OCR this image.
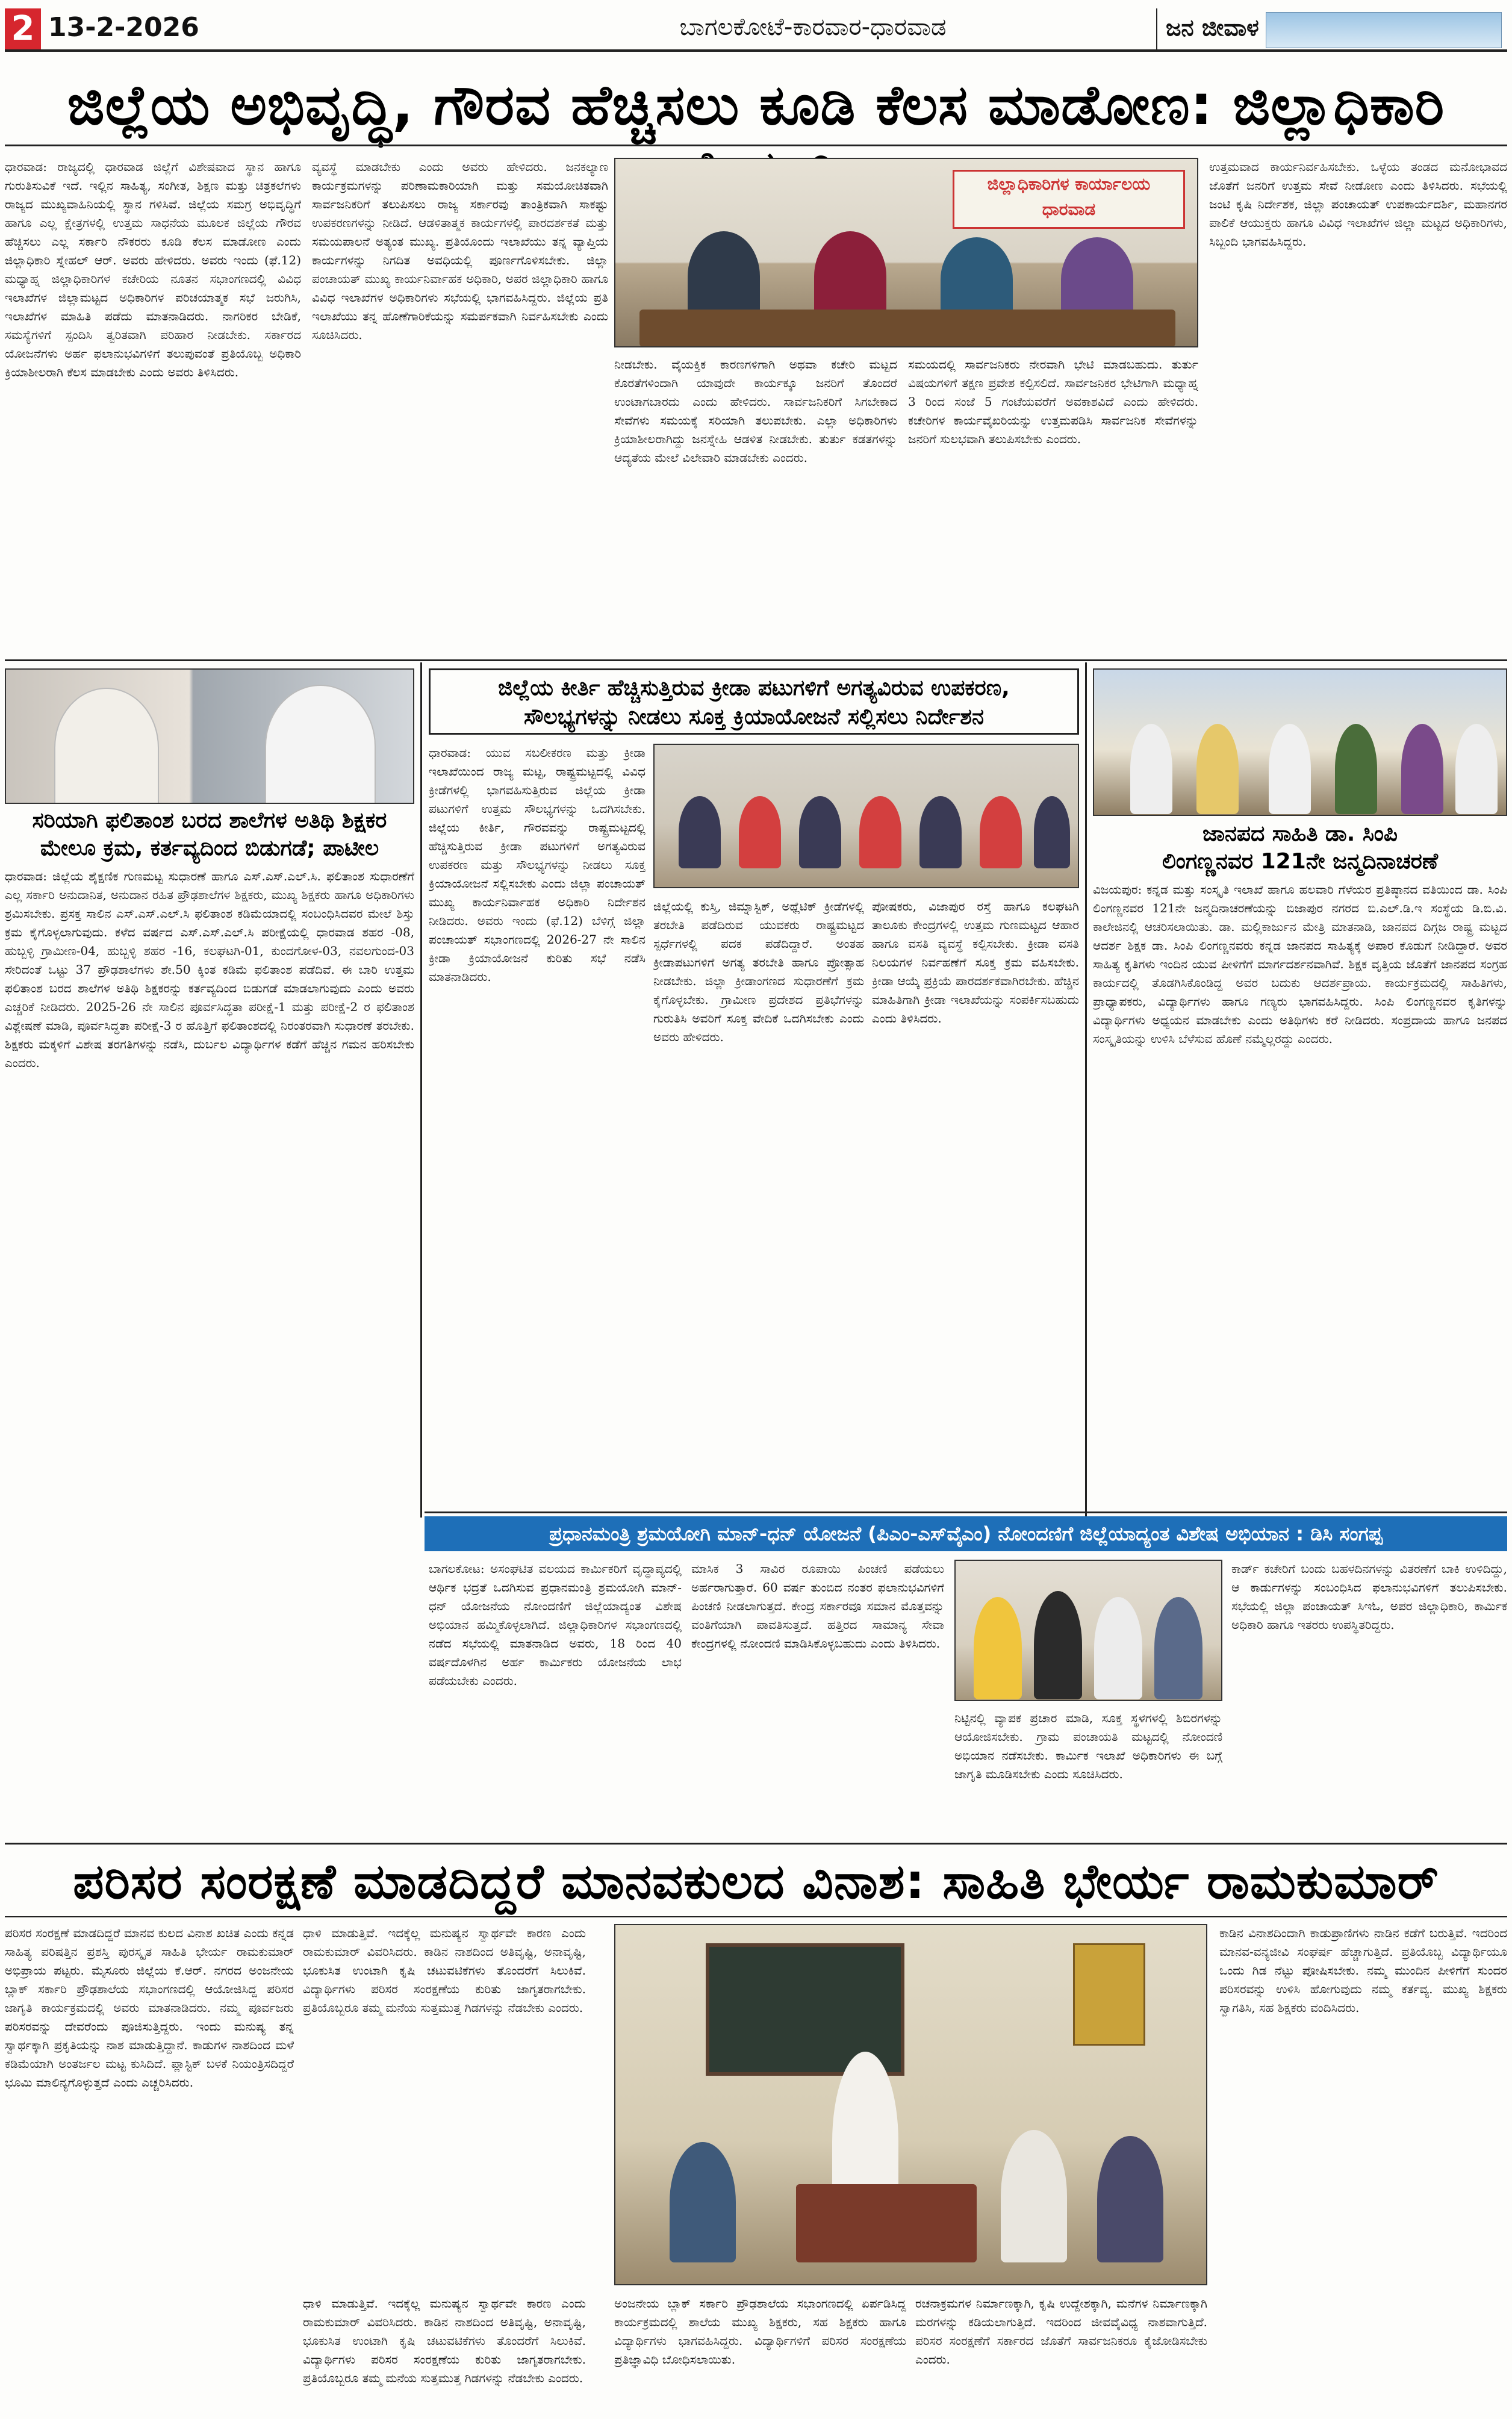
2 13-2-2026	ಬಾಗಲಕೋಟೆ-ಕಾರವಾರ-ಧಾರವಾಡ	ಜನ ಜೀವಾಳ
ಜಿಲ್ಲೆಯ ಅಭಿವೃದ್ಧಿ, ಗೌರವ ಹೆಚ್ಚಿಸಲು ಕೂಡಿ ಕೆಲಸ ಮಾಡೋಣ: ಜಿಲ್ಲಾಧಿಕಾರಿ
ಧಾರವಾಡ: ರಾಜ್ಯದಲ್ಲಿ ಧಾರವಾಡ ಜಿಲ್ಲೆಗೆ ವಿಶೇಷವಾದ ಸ್ಥಾನ ಹಾಗೂ ಗುರುತಿಸುವಿಕೆ ಇದೆ. ಇಲ್ಲಿನ ಸಾಹಿತ್ಯ, ಸಂಗೀತ, ಶಿಕ್ಷಣ ಮತ್ತು ಚಿತ್ರಕಲೆಗಳು ರಾಜ್ಯದ ಮುಖ್ಯವಾಹಿನಿಯಲ್ಲಿ ಸ್ಥಾನ ಗಳಿಸಿವೆ. ಜಿಲ್ಲೆಯ ಸಮಗ್ರ ಅಭಿವೃದ್ಧಿಗೆ ಹಾಗೂ ಎಲ್ಲ ಕ್ಷೇತ್ರಗಳಲ್ಲಿ ಉತ್ತಮ ಸಾಧನೆಯ ಮೂಲಕ ಜಿಲ್ಲೆಯ ಗೌರವ ಹೆಚ್ಚಿಸಲು ಎಲ್ಲ ಸರ್ಕಾರಿ ನೌಕರರು ಕೂಡಿ ಕೆಲಸ ಮಾಡೋಣ ಎಂದು ಜಿಲ್ಲಾಧಿಕಾರಿ ಸ್ನೇಹಲ್ ಆರ್. ಅವರು ಹೇಳಿದರು. ಅವರು ಇಂದು (ಫೆ.12) ಮಧ್ಯಾಹ್ನ ಜಿಲ್ಲಾಧಿಕಾರಿಗಳ ಕಚೇರಿಯ ನೂತನ ಸಭಾಂಗಣದಲ್ಲಿ ವಿವಿಧ ಇಲಾಖೆಗಳ ಜಿಲ್ಲಾಮಟ್ಟದ ಅಧಿಕಾರಿಗಳ ಪರಿಚಯಾತ್ಮಕ ಸಭೆ ಜರುಗಿಸಿ, ಇಲಾಖೆಗಳ ಮಾಹಿತಿ ಪಡೆದು ಮಾತನಾಡಿದರು. ನಾಗರಿಕರ ಬೇಡಿಕೆ, ಸಮಸ್ಯೆಗಳಿಗೆ ಸ್ಪಂದಿಸಿ ತ್ವರಿತವಾಗಿ ಪರಿಹಾರ ನೀಡಬೇಕು. ಸರ್ಕಾರದ ಯೋಜನೆಗಳು ಅರ್ಹ ಫಲಾನುಭವಿಗಳಿಗೆ ತಲುಪುವಂತೆ ಪ್ರತಿಯೊಬ್ಬ ಅಧಿಕಾರಿ ಕ್ರಿಯಾಶೀಲರಾಗಿ ಕೆಲಸ ಮಾಡಬೇಕು ಎಂದು ಅವರು ತಿಳಿಸಿದರು.
ವ್ಯವಸ್ಥೆ ಮಾಡಬೇಕು ಎಂದು ಅವರು ಹೇಳಿದರು. ಜನಕಲ್ಯಾಣ ಕಾರ್ಯಕ್ರಮಗಳನ್ನು ಪರಿಣಾಮಕಾರಿಯಾಗಿ ಮತ್ತು ಸಮಯೋಚಿತವಾಗಿ ಸಾರ್ವಜನಿಕರಿಗೆ ತಲುಪಿಸಲು ರಾಜ್ಯ ಸರ್ಕಾರವು ತಾಂತ್ರಿಕವಾಗಿ ಸಾಕಷ್ಟು ಉಪಕರಣಗಳನ್ನು ನೀಡಿದೆ. ಆಡಳಿತಾತ್ಮಕ ಕಾರ್ಯಗಳಲ್ಲಿ ಪಾರದರ್ಶಕತೆ ಮತ್ತು ಸಮಯಪಾಲನೆ ಅತ್ಯಂತ ಮುಖ್ಯ. ಪ್ರತಿಯೊಂದು ಇಲಾಖೆಯು ತನ್ನ ವ್ಯಾಪ್ತಿಯ ಕಾರ್ಯಗಳನ್ನು ನಿಗದಿತ ಅವಧಿಯಲ್ಲಿ ಪೂರ್ಣಗೊಳಿಸಬೇಕು. ಜಿಲ್ಲಾ ಪಂಚಾಯತ್ ಮುಖ್ಯ ಕಾರ್ಯನಿರ್ವಾಹಕ ಅಧಿಕಾರಿ, ಅಪರ ಜಿಲ್ಲಾಧಿಕಾರಿ ಹಾಗೂ ವಿವಿಧ ಇಲಾಖೆಗಳ ಅಧಿಕಾರಿಗಳು ಸಭೆಯಲ್ಲಿ ಭಾಗವಹಿಸಿದ್ದರು. ಜಿಲ್ಲೆಯ ಪ್ರತಿ ಇಲಾಖೆಯು ತನ್ನ ಹೊಣೆಗಾರಿಕೆಯನ್ನು ಸಮರ್ಪಕವಾಗಿ ನಿರ್ವಹಿಸಬೇಕು ಎಂದು ಸೂಚಿಸಿದರು.
ಜಿಲ್ಲಾಧಿಕಾರಿಗಳ ಕಾರ್ಯಾಲಯ
ಧಾರವಾಡ
ನೀಡಬೇಕು. ವೈಯಕ್ತಿಕ ಕಾರಣಗಳಿಗಾಗಿ ಅಥವಾ ಕಚೇರಿ ಮಟ್ಟದ ಕೊರತೆಗಳಿಂದಾಗಿ ಯಾವುದೇ ಕಾರ್ಯಕ್ಕೂ ಜನರಿಗೆ ತೊಂದರೆ ಉಂಟಾಗಬಾರದು ಎಂದು ಹೇಳಿದರು. ಸಾರ್ವಜನಿಕರಿಗೆ ಸಿಗಬೇಕಾದ ಸೇವೆಗಳು ಸಮಯಕ್ಕೆ ಸರಿಯಾಗಿ ತಲುಪಬೇಕು. ಎಲ್ಲಾ ಅಧಿಕಾರಿಗಳು ಕ್ರಿಯಾಶೀಲರಾಗಿದ್ದು ಜನಸ್ನೇಹಿ ಆಡಳಿತ ನೀಡಬೇಕು. ತುರ್ತು ಕಡತಗಳನ್ನು ಆದ್ಯತೆಯ ಮೇಲೆ ವಿಲೇವಾರಿ ಮಾಡಬೇಕು ಎಂದರು.
ಸಮಯದಲ್ಲಿ ಸಾರ್ವಜನಿಕರು ನೇರವಾಗಿ ಭೇಟಿ ಮಾಡಬಹುದು. ತುರ್ತು ವಿಷಯಗಳಿಗೆ ತಕ್ಷಣ ಪ್ರವೇಶ ಕಲ್ಪಿಸಲಿದೆ. ಸಾರ್ವಜನಿಕರ ಭೇಟಿಗಾಗಿ ಮಧ್ಯಾಹ್ನ 3 ರಿಂದ ಸಂಜೆ 5 ಗಂಟೆಯವರೆಗೆ ಅವಕಾಶವಿದೆ ಎಂದು ಹೇಳಿದರು. ಕಚೇರಿಗಳ ಕಾರ್ಯವೈಖರಿಯನ್ನು ಉತ್ತಮಪಡಿಸಿ ಸಾರ್ವಜನಿಕ ಸೇವೆಗಳನ್ನು ಜನರಿಗೆ ಸುಲಭವಾಗಿ ತಲುಪಿಸಬೇಕು ಎಂದರು.
ಉತ್ತಮವಾದ ಕಾರ್ಯನಿರ್ವಹಿಸಬೇಕು. ಒಳ್ಳೆಯ ತಂಡದ ಮನೋಭಾವದ ಜೊತೆಗೆ ಜನರಿಗೆ ಉತ್ತಮ ಸೇವೆ ನೀಡೋಣ ಎಂದು ತಿಳಿಸಿದರು. ಸಭೆಯಲ್ಲಿ ಜಂಟಿ ಕೃಷಿ ನಿರ್ದೇಶಕ, ಜಿಲ್ಲಾ ಪಂಚಾಯತ್ ಉಪಕಾರ್ಯದರ್ಶಿ, ಮಹಾನಗರ ಪಾಲಿಕೆ ಆಯುಕ್ತರು ಹಾಗೂ ವಿವಿಧ ಇಲಾಖೆಗಳ ಜಿಲ್ಲಾ ಮಟ್ಟದ ಅಧಿಕಾರಿಗಳು, ಸಿಬ್ಬಂದಿ ಭಾಗವಹಿಸಿದ್ದರು.
ಸರಿಯಾಗಿ ಫಲಿತಾಂಶ ಬರದ ಶಾಲೆಗಳ ಅತಿಥಿ ಶಿಕ್ಷಕರ
ಮೇಲೂ ಕ್ರಮ, ಕರ್ತವ್ಯದಿಂದ ಬಿಡುಗಡೆ; ಪಾಟೀಲ
ಧಾರವಾಡ: ಜಿಲ್ಲೆಯ ಶೈಕ್ಷಣಿಕ ಗುಣಮಟ್ಟ ಸುಧಾರಣೆ ಹಾಗೂ ಎಸ್.ಎಸ್.ಎಲ್.ಸಿ. ಫಲಿತಾಂಶ ಸುಧಾರಣೆಗೆ ಎಲ್ಲ ಸರ್ಕಾರಿ ಅನುದಾನಿತ, ಅನುದಾನ ರಹಿತ ಪ್ರೌಢಶಾಲೆಗಳ ಶಿಕ್ಷಕರು, ಮುಖ್ಯ ಶಿಕ್ಷಕರು ಹಾಗೂ ಅಧಿಕಾರಿಗಳು ಶ್ರಮಿಸಬೇಕು. ಪ್ರಸಕ್ತ ಸಾಲಿನ ಎಸ್.ಎಸ್.ಎಲ್.ಸಿ ಫಲಿತಾಂಶ ಕಡಿಮೆಯಾದಲ್ಲಿ ಸಂಬಂಧಿಸಿದವರ ಮೇಲೆ ಶಿಸ್ತು ಕ್ರಮ ಕೈಗೊಳ್ಳಲಾಗುವುದು. ಕಳೆದ ವರ್ಷದ ಎಸ್.ಎಸ್.ಎಲ್.ಸಿ ಪರೀಕ್ಷೆಯಲ್ಲಿ ಧಾರವಾಡ ಶಹರ -08, ಹುಬ್ಬಳ್ಳಿ ಗ್ರಾಮೀಣ-04, ಹುಬ್ಬಳ್ಳಿ ಶಹರ -16, ಕಲಘಟಗಿ-01, ಕುಂದಗೋಳ-03, ನವಲಗುಂದ-03 ಸೇರಿದಂತೆ ಒಟ್ಟು 37 ಪ್ರೌಢಶಾಲೆಗಳು ಶೇ.50 ಕ್ಕಿಂತ ಕಡಿಮೆ ಫಲಿತಾಂಶ ಪಡೆದಿವೆ. ಈ ಬಾರಿ ಉತ್ತಮ ಫಲಿತಾಂಶ ಬರದ ಶಾಲೆಗಳ ಅತಿಥಿ ಶಿಕ್ಷಕರನ್ನು ಕರ್ತವ್ಯದಿಂದ ಬಿಡುಗಡೆ ಮಾಡಲಾಗುವುದು ಎಂದು ಅವರು ಎಚ್ಚರಿಕೆ ನೀಡಿದರು. 2025-26 ನೇ ಸಾಲಿನ ಪೂರ್ವಸಿದ್ಧತಾ ಪರೀಕ್ಷೆ-1 ಮತ್ತು ಪರೀಕ್ಷೆ-2 ರ ಫಲಿತಾಂಶ ವಿಶ್ಲೇಷಣೆ ಮಾಡಿ, ಪೂರ್ವಸಿದ್ಧತಾ ಪರೀಕ್ಷೆ-3 ರ ಹೊತ್ತಿಗೆ ಫಲಿತಾಂಶದಲ್ಲಿ ನಿರಂತರವಾಗಿ ಸುಧಾರಣೆ ತರಬೇಕು. ಶಿಕ್ಷಕರು ಮಕ್ಕಳಿಗೆ ವಿಶೇಷ ತರಗತಿಗಳನ್ನು ನಡೆಸಿ, ದುರ್ಬಲ ವಿದ್ಯಾರ್ಥಿಗಳ ಕಡೆಗೆ ಹೆಚ್ಚಿನ ಗಮನ ಹರಿಸಬೇಕು ಎಂದರು.
ಜಿಲ್ಲೆಯ ಕೀರ್ತಿ ಹೆಚ್ಚಿಸುತ್ತಿರುವ ಕ್ರೀಡಾ ಪಟುಗಳಿಗೆ ಅಗತ್ಯವಿರುವ ಉಪಕರಣ,
ಸೌಲಭ್ಯಗಳನ್ನು ನೀಡಲು ಸೂಕ್ತ ಕ್ರಿಯಾಯೋಜನೆ ಸಲ್ಲಿಸಲು ನಿರ್ದೇಶನ
ಧಾರವಾಡ: ಯುವ ಸಬಲೀಕರಣ ಮತ್ತು ಕ್ರೀಡಾ ಇಲಾಖೆಯಿಂದ ರಾಜ್ಯ ಮಟ್ಟ, ರಾಷ್ಟ್ರಮಟ್ಟದಲ್ಲಿ ವಿವಿಧ ಕ್ರೀಡೆಗಳಲ್ಲಿ ಭಾಗವಹಿಸುತ್ತಿರುವ ಜಿಲ್ಲೆಯ ಕ್ರೀಡಾ ಪಟುಗಳಿಗೆ ಉತ್ತಮ ಸೌಲಭ್ಯಗಳನ್ನು ಒದಗಿಸಬೇಕು. ಜಿಲ್ಲೆಯ ಕೀರ್ತಿ, ಗೌರವವನ್ನು ರಾಷ್ಟ್ರಮಟ್ಟದಲ್ಲಿ ಹೆಚ್ಚಿಸುತ್ತಿರುವ ಕ್ರೀಡಾ ಪಟುಗಳಿಗೆ ಅಗತ್ಯವಿರುವ ಉಪಕರಣ ಮತ್ತು ಸೌಲಭ್ಯಗಳನ್ನು ನೀಡಲು ಸೂಕ್ತ ಕ್ರಿಯಾಯೋಜನೆ ಸಲ್ಲಿಸಬೇಕು ಎಂದು ಜಿಲ್ಲಾ ಪಂಚಾಯತ್ ಮುಖ್ಯ ಕಾರ್ಯನಿರ್ವಾಹಕ ಅಧಿಕಾರಿ ನಿರ್ದೇಶನ ನೀಡಿದರು. ಅವರು ಇಂದು (ಫೆ.12) ಬೆಳಿಗ್ಗೆ ಜಿಲ್ಲಾ ಪಂಚಾಯತ್ ಸಭಾಂಗಣದಲ್ಲಿ 2026-27 ನೇ ಸಾಲಿನ ಕ್ರೀಡಾ ಕ್ರಿಯಾಯೋಜನೆ ಕುರಿತು ಸಭೆ ನಡೆಸಿ ಮಾತನಾಡಿದರು.
ಜಿಲ್ಲೆಯಲ್ಲಿ ಕುಸ್ತಿ, ಜಿಮ್ನಾಸ್ಟಿಕ್, ಅಥ್ಲೆಟಿಕ್ ಕ್ರೀಡೆಗಳಲ್ಲಿ ತರಬೇತಿ ಪಡೆದಿರುವ ಯುವಕರು ರಾಷ್ಟ್ರಮಟ್ಟದ ಸ್ಪರ್ಧೆಗಳಲ್ಲಿ ಪದಕ ಪಡೆದಿದ್ದಾರೆ. ಅಂತಹ ಕ್ರೀಡಾಪಟುಗಳಿಗೆ ಅಗತ್ಯ ತರಬೇತಿ ಹಾಗೂ ಪ್ರೋತ್ಸಾಹ ನೀಡಬೇಕು. ಜಿಲ್ಲಾ ಕ್ರೀಡಾಂಗಣದ ಸುಧಾರಣೆಗೆ ಕ್ರಮ ಕೈಗೊಳ್ಳಬೇಕು. ಗ್ರಾಮೀಣ ಪ್ರದೇಶದ ಪ್ರತಿಭೆಗಳನ್ನು ಗುರುತಿಸಿ ಅವರಿಗೆ ಸೂಕ್ತ ವೇದಿಕೆ ಒದಗಿಸಬೇಕು ಎಂದು ಅವರು ಹೇಳಿದರು.
ಪೋಷಕರು, ವಿಜಾಪುರ ರಸ್ತೆ ಹಾಗೂ ಕಲಘಟಗಿ ತಾಲೂಕು ಕೇಂದ್ರಗಳಲ್ಲಿ ಉತ್ತಮ ಗುಣಮಟ್ಟದ ಆಹಾರ ಹಾಗೂ ವಸತಿ ವ್ಯವಸ್ಥೆ ಕಲ್ಪಿಸಬೇಕು. ಕ್ರೀಡಾ ವಸತಿ ನಿಲಯಗಳ ನಿರ್ವಹಣೆಗೆ ಸೂಕ್ತ ಕ್ರಮ ವಹಿಸಬೇಕು. ಕ್ರೀಡಾ ಆಯ್ಕೆ ಪ್ರಕ್ರಿಯೆ ಪಾರದರ್ಶಕವಾಗಿರಬೇಕು. ಹೆಚ್ಚಿನ ಮಾಹಿತಿಗಾಗಿ ಕ್ರೀಡಾ ಇಲಾಖೆಯನ್ನು ಸಂಪರ್ಕಿಸಬಹುದು ಎಂದು ತಿಳಿಸಿದರು.
ಜಾನಪದ ಸಾಹಿತಿ ಡಾ. ಸಿಂಪಿ
ಲಿಂಗಣ್ಣನವರ 121ನೇ ಜನ್ಮದಿನಾಚರಣೆ
ವಿಜಯಪುರ: ಕನ್ನಡ ಮತ್ತು ಸಂಸ್ಕೃತಿ ಇಲಾಖೆ ಹಾಗೂ ಹಲವಾರಿ ಗೆಳೆಯರ ಪ್ರತಿಷ್ಠಾನದ ವತಿಯಿಂದ ಡಾ. ಸಿಂಪಿ ಲಿಂಗಣ್ಣನವರ 121ನೇ ಜನ್ಮದಿನಾಚರಣೆಯನ್ನು ಬಿಜಾಪುರ ನಗರದ ಬಿ.ಎಲ್.ಡಿ.ಇ ಸಂಸ್ಥೆಯ ಡಿ.ಬಿ.ವಿ. ಕಾಲೇಜಿನಲ್ಲಿ ಆಚರಿಸಲಾಯಿತು. ಡಾ. ಮಲ್ಲಿಕಾರ್ಜುನ ಮೇತ್ರಿ ಮಾತನಾಡಿ, ಜಾನಪದ ದಿಗ್ಗಜ ರಾಷ್ಟ್ರ ಮಟ್ಟದ ಆದರ್ಶ ಶಿಕ್ಷಕ ಡಾ. ಸಿಂಪಿ ಲಿಂಗಣ್ಣನವರು ಕನ್ನಡ ಜಾನಪದ ಸಾಹಿತ್ಯಕ್ಕೆ ಅಪಾರ ಕೊಡುಗೆ ನೀಡಿದ್ದಾರೆ. ಅವರ ಸಾಹಿತ್ಯ ಕೃತಿಗಳು ಇಂದಿನ ಯುವ ಪೀಳಿಗೆಗೆ ಮಾರ್ಗದರ್ಶನವಾಗಿವೆ. ಶಿಕ್ಷಕ ವೃತ್ತಿಯ ಜೊತೆಗೆ ಜಾನಪದ ಸಂಗ್ರಹ ಕಾರ್ಯದಲ್ಲಿ ತೊಡಗಿಸಿಕೊಂಡಿದ್ದ ಅವರ ಬದುಕು ಆದರ್ಶಪ್ರಾಯ. ಕಾರ್ಯಕ್ರಮದಲ್ಲಿ ಸಾಹಿತಿಗಳು, ಪ್ರಾಧ್ಯಾಪಕರು, ವಿದ್ಯಾರ್ಥಿಗಳು ಹಾಗೂ ಗಣ್ಯರು ಭಾಗವಹಿಸಿದ್ದರು. ಸಿಂಪಿ ಲಿಂಗಣ್ಣನವರ ಕೃತಿಗಳನ್ನು ವಿದ್ಯಾರ್ಥಿಗಳು ಅಧ್ಯಯನ ಮಾಡಬೇಕು ಎಂದು ಅತಿಥಿಗಳು ಕರೆ ನೀಡಿದರು. ಸಂಪ್ರದಾಯ ಹಾಗೂ ಜನಪದ ಸಂಸ್ಕೃತಿಯನ್ನು ಉಳಿಸಿ ಬೆಳೆಸುವ ಹೊಣೆ ನಮ್ಮೆಲ್ಲರದ್ದು ಎಂದರು.
ಪ್ರಧಾನಮಂತ್ರಿ ಶ್ರಮಯೋಗಿ ಮಾನ್-ಧನ್ ಯೋಜನೆ (ಪಿಎಂ-ಎಸ್‌ವೈಎಂ) ನೋಂದಣಿಗೆ ಜಿಲ್ಲೆಯಾದ್ಯಂತ ವಿಶೇಷ ಅಭಿಯಾನ : ಡಿಸಿ ಸಂಗಪ್ಪ
ಬಾಗಲಕೋಟ: ಅಸಂಘಟಿತ ವಲಯದ ಕಾರ್ಮಿಕರಿಗೆ ವೃದ್ಧಾಪ್ಯದಲ್ಲಿ ಆರ್ಥಿಕ ಭದ್ರತೆ ಒದಗಿಸುವ ಪ್ರಧಾನಮಂತ್ರಿ ಶ್ರಮಯೋಗಿ ಮಾನ್-ಧನ್ ಯೋಜನೆಯ ನೋಂದಣಿಗೆ ಜಿಲ್ಲೆಯಾದ್ಯಂತ ವಿಶೇಷ ಅಭಿಯಾನ ಹಮ್ಮಿಕೊಳ್ಳಲಾಗಿದೆ. ಜಿಲ್ಲಾಧಿಕಾರಿಗಳ ಸಭಾಂಗಣದಲ್ಲಿ ನಡೆದ ಸಭೆಯಲ್ಲಿ ಮಾತನಾಡಿದ ಅವರು, 18 ರಿಂದ 40 ವರ್ಷದೊಳಗಿನ ಅರ್ಹ ಕಾರ್ಮಿಕರು ಯೋಜನೆಯ ಲಾಭ ಪಡೆಯಬೇಕು ಎಂದರು.
ಮಾಸಿಕ 3 ಸಾವಿರ ರೂಪಾಯಿ ಪಿಂಚಣಿ ಪಡೆಯಲು ಅರ್ಹರಾಗುತ್ತಾರೆ. 60 ವರ್ಷ ತುಂಬಿದ ನಂತರ ಫಲಾನುಭವಿಗಳಿಗೆ ಪಿಂಚಣಿ ನೀಡಲಾಗುತ್ತದೆ. ಕೇಂದ್ರ ಸರ್ಕಾರವೂ ಸಮಾನ ಮೊತ್ತವನ್ನು ವಂತಿಗೆಯಾಗಿ ಪಾವತಿಸುತ್ತದೆ. ಹತ್ತಿರದ ಸಾಮಾನ್ಯ ಸೇವಾ ಕೇಂದ್ರಗಳಲ್ಲಿ ನೋಂದಣಿ ಮಾಡಿಸಿಕೊಳ್ಳಬಹುದು ಎಂದು ತಿಳಿಸಿದರು.
ನಿಟ್ಟಿನಲ್ಲಿ ವ್ಯಾಪಕ ಪ್ರಚಾರ ಮಾಡಿ, ಸೂಕ್ತ ಸ್ಥಳಗಳಲ್ಲಿ ಶಿಬಿರಗಳನ್ನು ಆಯೋಜಿಸಬೇಕು. ಗ್ರಾಮ ಪಂಚಾಯತಿ ಮಟ್ಟದಲ್ಲಿ ನೋಂದಣಿ ಅಭಿಯಾನ ನಡೆಸಬೇಕು. ಕಾರ್ಮಿಕ ಇಲಾಖೆ ಅಧಿಕಾರಿಗಳು ಈ ಬಗ್ಗೆ ಜಾಗೃತಿ ಮೂಡಿಸಬೇಕು ಎಂದು ಸೂಚಿಸಿದರು.
ಕಾರ್ಡ್ ಕಚೇರಿಗೆ ಬಂದು ಬಹಳದಿನಗಳನ್ನು ವಿತರಣೆಗೆ ಬಾಕಿ ಉಳಿದಿದ್ದು, ಆ ಕಾರ್ಡುಗಳನ್ನು ಸಂಬಂಧಿಸಿದ ಫಲಾನುಭವಿಗಳಿಗೆ ತಲುಪಿಸಬೇಕು. ಸಭೆಯಲ್ಲಿ ಜಿಲ್ಲಾ ಪಂಚಾಯತ್ ಸಿಇಓ, ಅಪರ ಜಿಲ್ಲಾಧಿಕಾರಿ, ಕಾರ್ಮಿಕ ಅಧಿಕಾರಿ ಹಾಗೂ ಇತರರು ಉಪಸ್ಥಿತರಿದ್ದರು.
ಪರಿಸರ ಸಂರಕ್ಷಣೆ ಮಾಡದಿದ್ದರೆ ಮಾನವಕುಲದ ವಿನಾಶ: ಸಾಹಿತಿ ಭೇರ್ಯ ರಾಮಕುಮಾರ್
ಪರಿಸರ ಸಂರಕ್ಷಣೆ ಮಾಡದಿದ್ದರೆ ಮಾನವ ಕುಲದ ವಿನಾಶ ಖಚಿತ ಎಂದು ಕನ್ನಡ ಸಾಹಿತ್ಯ ಪರಿಷತ್ತಿನ ಪ್ರಶಸ್ತಿ ಪುರಸ್ಕೃತ ಸಾಹಿತಿ ಭೇರ್ಯ ರಾಮಕುಮಾರ್ ಅಭಿಪ್ರಾಯ ಪಟ್ಟರು. ಮೈಸೂರು ಜಿಲ್ಲೆಯ ಕೆ.ಆರ್. ನಗರದ ಅಂಜನೇಯ ಬ್ಲಾಕ್ ಸರ್ಕಾರಿ ಪ್ರೌಢಶಾಲೆಯ ಸಭಾಂಗಣದಲ್ಲಿ ಆಯೋಜಿಸಿದ್ದ ಪರಿಸರ ಜಾಗೃತಿ ಕಾರ್ಯಕ್ರಮದಲ್ಲಿ ಅವರು ಮಾತನಾಡಿದರು. ನಮ್ಮ ಪೂರ್ವಜರು ಪರಿಸರವನ್ನು ದೇವರೆಂದು ಪೂಜಿಸುತ್ತಿದ್ದರು. ಇಂದು ಮನುಷ್ಯ ತನ್ನ ಸ್ವಾರ್ಥಕ್ಕಾಗಿ ಪ್ರಕೃತಿಯನ್ನು ನಾಶ ಮಾಡುತ್ತಿದ್ದಾನೆ. ಕಾಡುಗಳ ನಾಶದಿಂದ ಮಳೆ ಕಡಿಮೆಯಾಗಿ ಅಂತರ್ಜಲ ಮಟ್ಟ ಕುಸಿದಿದೆ. ಪ್ಲಾಸ್ಟಿಕ್ ಬಳಕೆ ನಿಯಂತ್ರಿಸದಿದ್ದರೆ ಭೂಮಿ ಮಾಲಿನ್ಯಗೊಳ್ಳುತ್ತದೆ ಎಂದು ಎಚ್ಚರಿಸಿದರು.
ಧಾಳಿ ಮಾಡುತ್ತಿವೆ. ಇದಕ್ಕೆಲ್ಲ ಮನುಷ್ಯನ ಸ್ವಾರ್ಥವೇ ಕಾರಣ ಎಂದು ರಾಮಕುಮಾರ್ ವಿವರಿಸಿದರು. ಕಾಡಿನ ನಾಶದಿಂದ ಅತಿವೃಷ್ಟಿ, ಅನಾವೃಷ್ಟಿ, ಭೂಕುಸಿತ ಉಂಟಾಗಿ ಕೃಷಿ ಚಟುವಟಿಕೆಗಳು ತೊಂದರೆಗೆ ಸಿಲುಕಿವೆ. ವಿದ್ಯಾರ್ಥಿಗಳು ಪರಿಸರ ಸಂರಕ್ಷಣೆಯ ಕುರಿತು ಜಾಗೃತರಾಗಬೇಕು. ಪ್ರತಿಯೊಬ್ಬರೂ ತಮ್ಮ ಮನೆಯ ಸುತ್ತಮುತ್ತ ಗಿಡಗಳನ್ನು ನೆಡಬೇಕು ಎಂದರು.
ಅಂಜನೇಯ ಬ್ಲಾಕ್ ಸರ್ಕಾರಿ ಪ್ರೌಢಶಾಲೆಯ ಸಭಾಂಗಣದಲ್ಲಿ ಏರ್ಪಡಿಸಿದ್ದ ಕಾರ್ಯಕ್ರಮದಲ್ಲಿ ಶಾಲೆಯ ಮುಖ್ಯ ಶಿಕ್ಷಕರು, ಸಹ ಶಿಕ್ಷಕರು ಹಾಗೂ ವಿದ್ಯಾರ್ಥಿಗಳು ಭಾಗವಹಿಸಿದ್ದರು. ವಿದ್ಯಾರ್ಥಿಗಳಿಗೆ ಪರಿಸರ ಸಂರಕ್ಷಣೆಯ ಪ್ರತಿಜ್ಞಾವಿಧಿ ಬೋಧಿಸಲಾಯಿತು.
ರಚನಾಕ್ರಮಗಳ ನಿರ್ಮಾಣಕ್ಕಾಗಿ, ಕೃಷಿ ಉದ್ದೇಶಕ್ಕಾಗಿ, ಮನೆಗಳ ನಿರ್ಮಾಣಕ್ಕಾಗಿ ಮರಗಳನ್ನು ಕಡಿಯಲಾಗುತ್ತಿದೆ. ಇದರಿಂದ ಜೀವವೈವಿಧ್ಯ ನಾಶವಾಗುತ್ತಿದೆ. ಪರಿಸರ ಸಂರಕ್ಷಣೆಗೆ ಸರ್ಕಾರದ ಜೊತೆಗೆ ಸಾರ್ವಜನಿಕರೂ ಕೈಜೋಡಿಸಬೇಕು ಎಂದರು.
ಧಾಳಿ ಮಾಡುತ್ತಿವೆ. ಇದಕ್ಕೆಲ್ಲ ಮನುಷ್ಯನ ಸ್ವಾರ್ಥವೇ ಕಾರಣ ಎಂದು ರಾಮಕುಮಾರ್ ವಿವರಿಸಿದರು. ಕಾಡಿನ ನಾಶದಿಂದ ಅತಿವೃಷ್ಟಿ, ಅನಾವೃಷ್ಟಿ, ಭೂಕುಸಿತ ಉಂಟಾಗಿ ಕೃಷಿ ಚಟುವಟಿಕೆಗಳು ತೊಂದರೆಗೆ ಸಿಲುಕಿವೆ. ವಿದ್ಯಾರ್ಥಿಗಳು ಪರಿಸರ ಸಂರಕ್ಷಣೆಯ ಕುರಿತು ಜಾಗೃತರಾಗಬೇಕು. ಪ್ರತಿಯೊಬ್ಬರೂ ತಮ್ಮ ಮನೆಯ ಸುತ್ತಮುತ್ತ ಗಿಡಗಳನ್ನು ನೆಡಬೇಕು ಎಂದರು.
ಕಾಡಿನ ವಿನಾಶದಿಂದಾಗಿ ಕಾಡುಪ್ರಾಣಿಗಳು ನಾಡಿನ ಕಡೆಗೆ ಬರುತ್ತಿವೆ. ಇದರಿಂದ ಮಾನವ-ವನ್ಯಜೀವಿ ಸಂಘರ್ಷ ಹೆಚ್ಚಾಗುತ್ತಿದೆ. ಪ್ರತಿಯೊಬ್ಬ ವಿದ್ಯಾರ್ಥಿಯೂ ಒಂದು ಗಿಡ ನೆಟ್ಟು ಪೋಷಿಸಬೇಕು. ನಮ್ಮ ಮುಂದಿನ ಪೀಳಿಗೆಗೆ ಸುಂದರ ಪರಿಸರವನ್ನು ಉಳಿಸಿ ಹೋಗುವುದು ನಮ್ಮ ಕರ್ತವ್ಯ. ಮುಖ್ಯ ಶಿಕ್ಷಕರು ಸ್ವಾಗತಿಸಿ, ಸಹ ಶಿಕ್ಷಕರು ವಂದಿಸಿದರು.
